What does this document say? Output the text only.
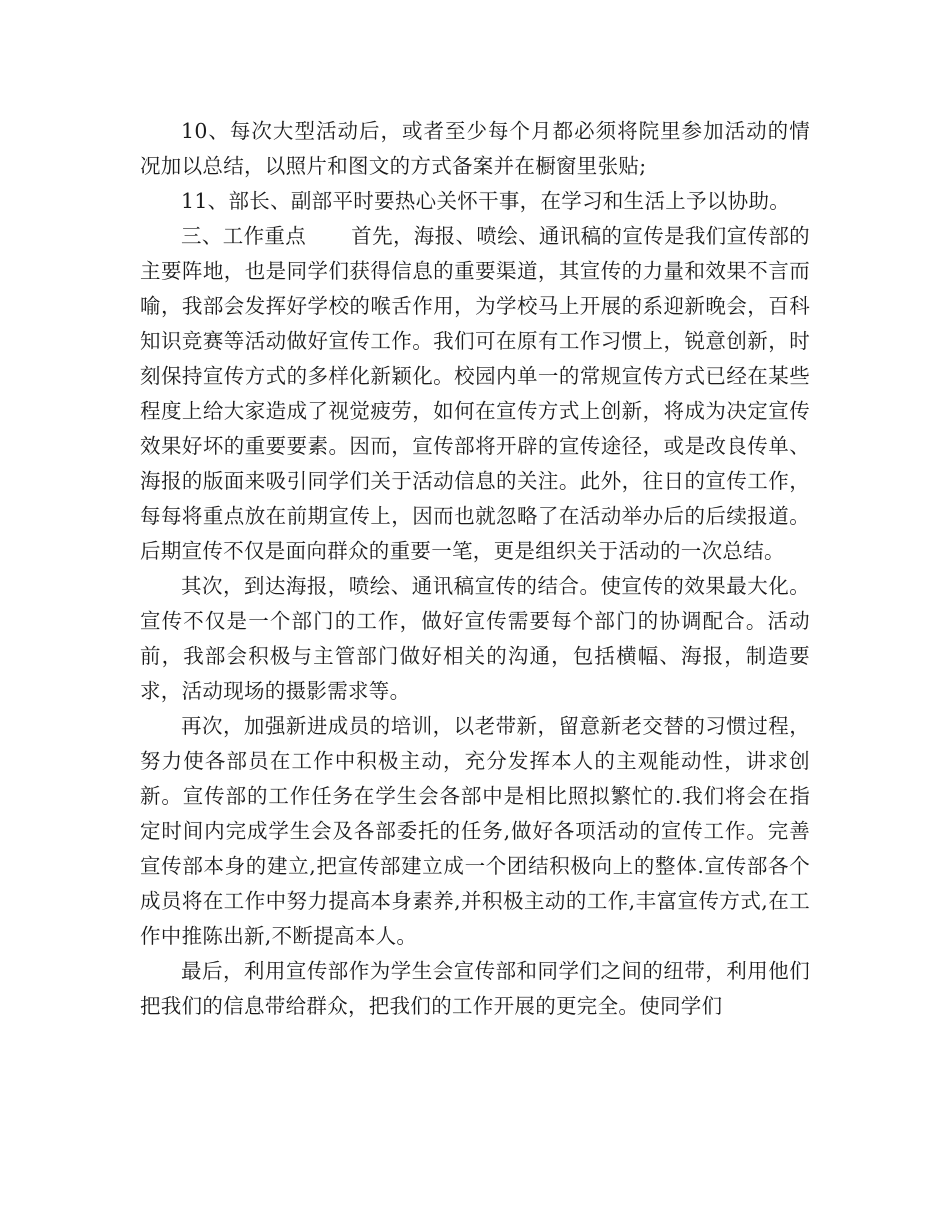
10、每次大型活动后，或者至少每个月都必须将院里参加活动的情况加以总结，以照片和图文的方式备案并在橱窗里张贴;

11、部长、副部平时要热心关怀干事，在学习和生活上予以协助。

三、工作重点 首先，海报、喷绘、通讯稿的宣传是我们宣传部的主要阵地，也是同学们获得信息的重要渠道，其宣传的力量和效果不言而喻，我部会发挥好学校的喉舌作用，为学校马上开展的系迎新晚会，百科知识竞赛等活动做好宣传工作。我们可在原有工作习惯上，锐意创新，时刻保持宣传方式的多样化新颖化。校园内单一的常规宣传方式已经在某些程度上给大家造成了视觉疲劳，如何在宣传方式上创新，将成为决定宣传效果好坏的重要要素。因而，宣传部将开辟的宣传途径，或是改良传单、海报的版面来吸引同学们关于活动信息的关注。此外，往日的宣传工作，每每将重点放在前期宣传上，因而也就忽略了在活动举办后的后续报道。后期宣传不仅是面向群众的重要一笔，更是组织关于活动的一次总结。

其次，到达海报，喷绘、通讯稿宣传的结合。使宣传的效果最大化。宣传不仅是一个部门的工作，做好宣传需要每个部门的协调配合。活动前，我部会积极与主管部门做好相关的沟通，包括横幅、海报，制造要求，活动现场的摄影需求等。

再次，加强新进成员的培训，以老带新，留意新老交替的习惯过程，努力使各部员在工作中积极主动，充分发挥本人的主观能动性，讲求创新。宣传部的工作任务在学生会各部中是相比照拟繁忙的.我们将会在指定时间内完成学生会及各部委托的任务,做好各项活动的宣传工作。完善宣传部本身的建立,把宣传部建立成一个团结积极向上的整体.宣传部各个成员将在工作中努力提高本身素养,并积极主动的工作,丰富宣传方式,在工作中推陈出新,不断提高本人。

最后，利用宣传部作为学生会宣传部和同学们之间的纽带，利用他们把我们的信息带给群众，把我们的工作开展的更完全。使同学们
